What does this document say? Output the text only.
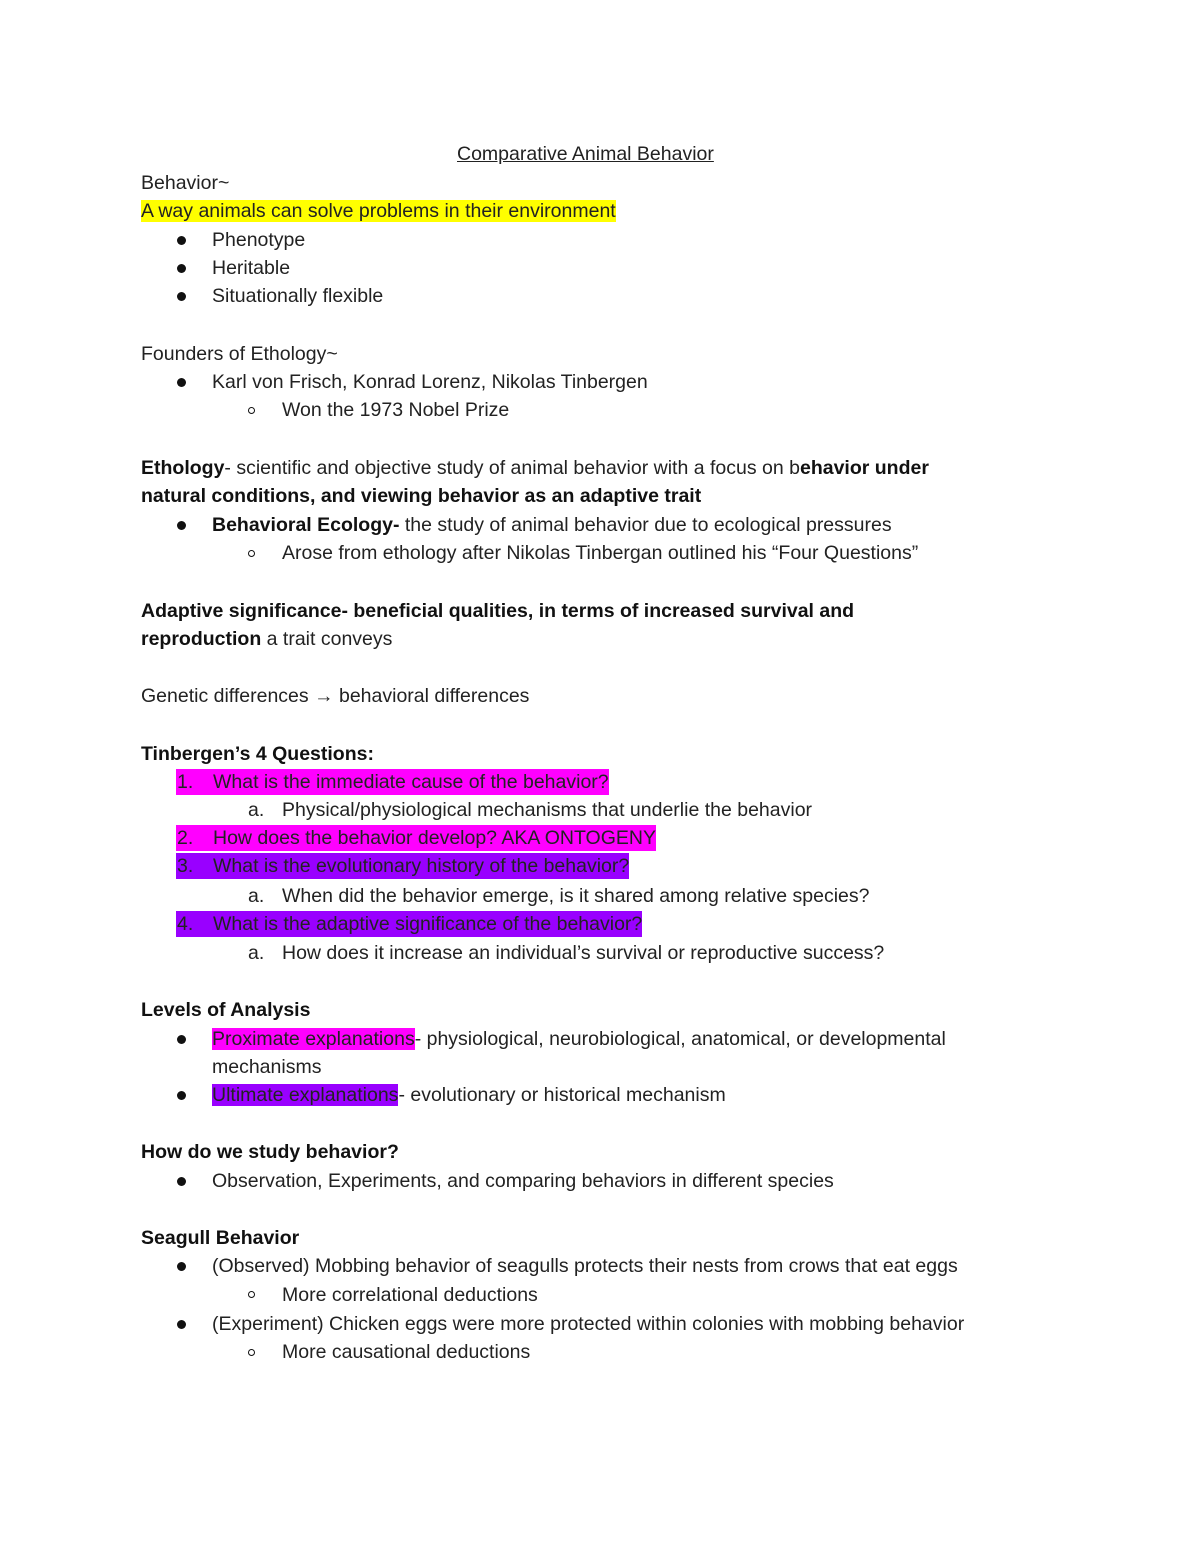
Comparative Animal Behavior
Behavior~
A way animals can solve problems in their environment
Phenotype
Heritable
Situationally flexible
Founders of Ethology~
Karl von Frisch, Konrad Lorenz, Nikolas Tinbergen
Won the 1973 Nobel Prize
Ethology- scientific and objective study of animal behavior with a focus on behavior under
natural conditions, and viewing behavior as an adaptive trait
Behavioral Ecology- the study of animal behavior due to ecological pressures
Arose from ethology after Nikolas Tinbergan outlined his “Four Questions”
Adaptive significance- beneficial qualities, in terms of increased survival and
reproduction a trait conveys
Genetic differences → behavioral differences
Tinbergen’s 4 Questions:
1. What is the immediate cause of the behavior?
a. Physical/physiological mechanisms that underlie the behavior
2. How does the behavior develop? AKA ONTOGENY
3. What is the evolutionary history of the behavior?
a. When did the behavior emerge, is it shared among relative species?
4. What is the adaptive significance of the behavior?
a. How does it increase an individual’s survival or reproductive success?
Levels of Analysis
Proximate explanations- physiological, neurobiological, anatomical, or developmental
mechanisms
Ultimate explanations- evolutionary or historical mechanism
How do we study behavior?
Observation, Experiments, and comparing behaviors in different species
Seagull Behavior
(Observed) Mobbing behavior of seagulls protects their nests from crows that eat eggs
More correlational deductions
(Experiment) Chicken eggs were more protected within colonies with mobbing behavior
More causational deductions
